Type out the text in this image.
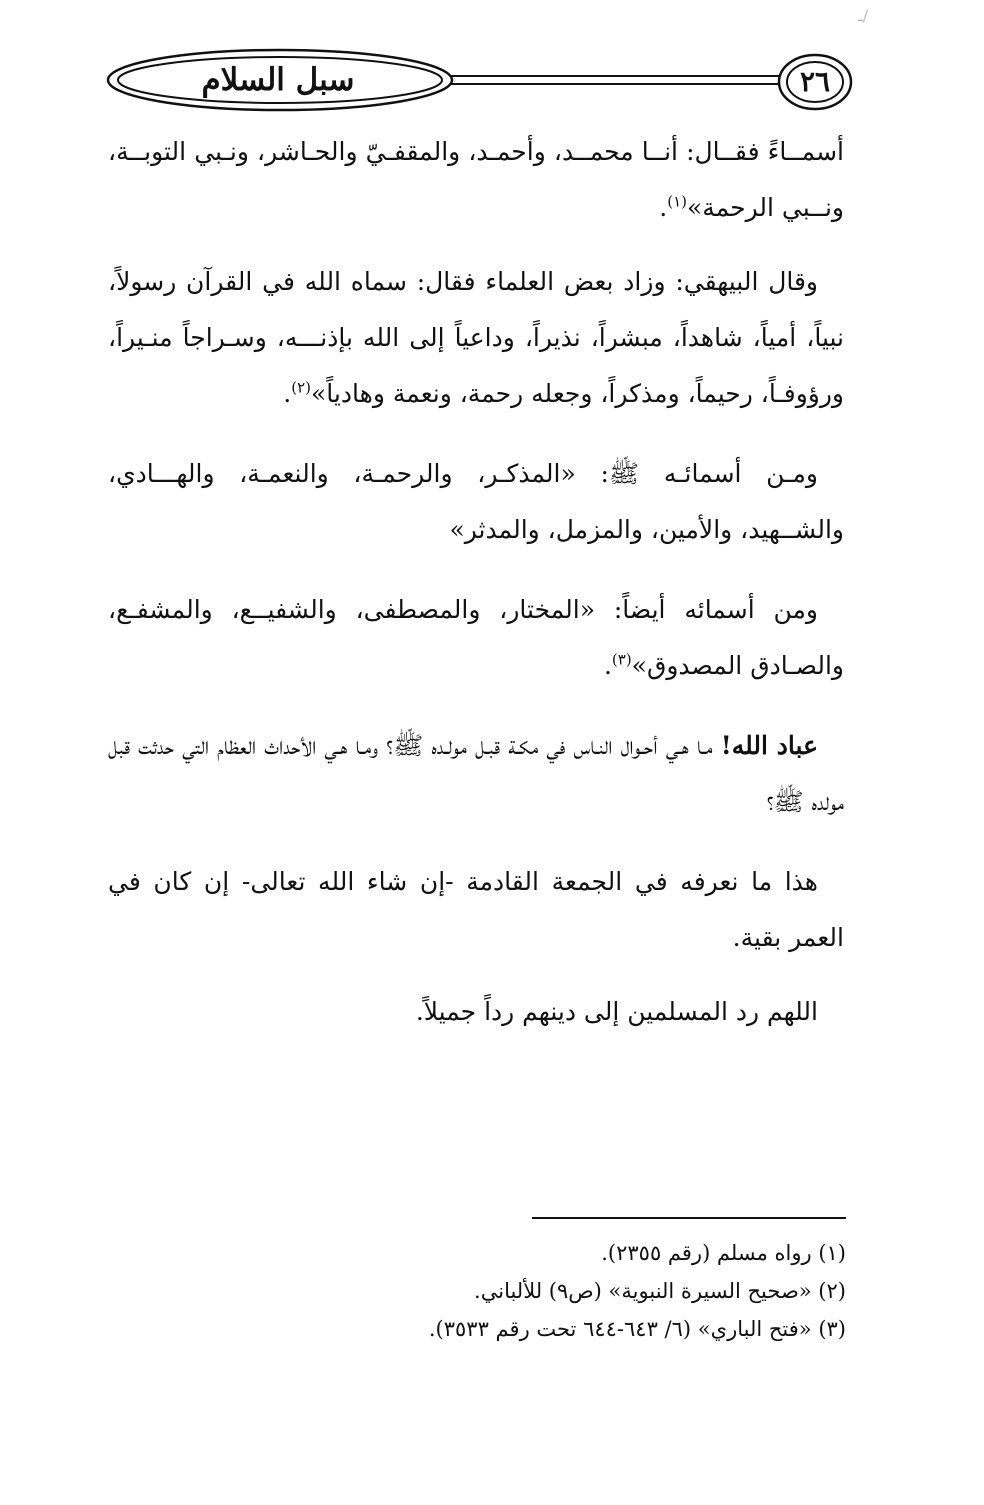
ـ/
سبل السلام	٢٦

أسمــاءً فقــال: أنــا محمــد، وأحمـد، والمقفـيّ والحـاشر، ونـبي التوبــة، ونــبي الرحمة»$^{(١)}$.

وقال البيهقي: وزاد بعض العلماء فقال: سماه الله في القرآن رسولاً، نبياً، أمياً، شاهداً، مبشراً، نذيراً، وداعياً إلى الله بإذنـــه، وسـراجاً منـيراً، ورؤوفـاً، رحيماً، ومذكراً، وجعله رحمة، ونعمة وهادياً»$^{(٢)}$.

ومـن أسمائـه ﷺ: «المذكـر، والرحمـة، والنعمـة، والهـــادي، والشــهيد، والأمين، والمزمل، والمدثر»

ومن أسمائه أيضاً: «المختار، والمصطفى، والشفيــع، والمشفـع، والصـادق المصدوق»$^{(٣)}$.

عباد الله! مـا هـي أحـوال النـاس في مكـة قبـل مولـده ﷺ؟ ومـا هـي الأحداث العظام التي حدثت قبل مولده ﷺ؟

هذا ما نعرفه في الجمعة القادمة -إن شاء الله تعالى- إن كان في العمر بقية.

اللهم رد المسلمين إلى دينهم رداً جميلاً.

(١) رواه مسلم (رقم ٢٣٥٥).
(٢) «صحيح السيرة النبوية» (ص٩) للألباني.
(٣) «فتح الباري» (٦/ ٦٤٣-٦٤٤ تحت رقم ٣٥٣٣).
